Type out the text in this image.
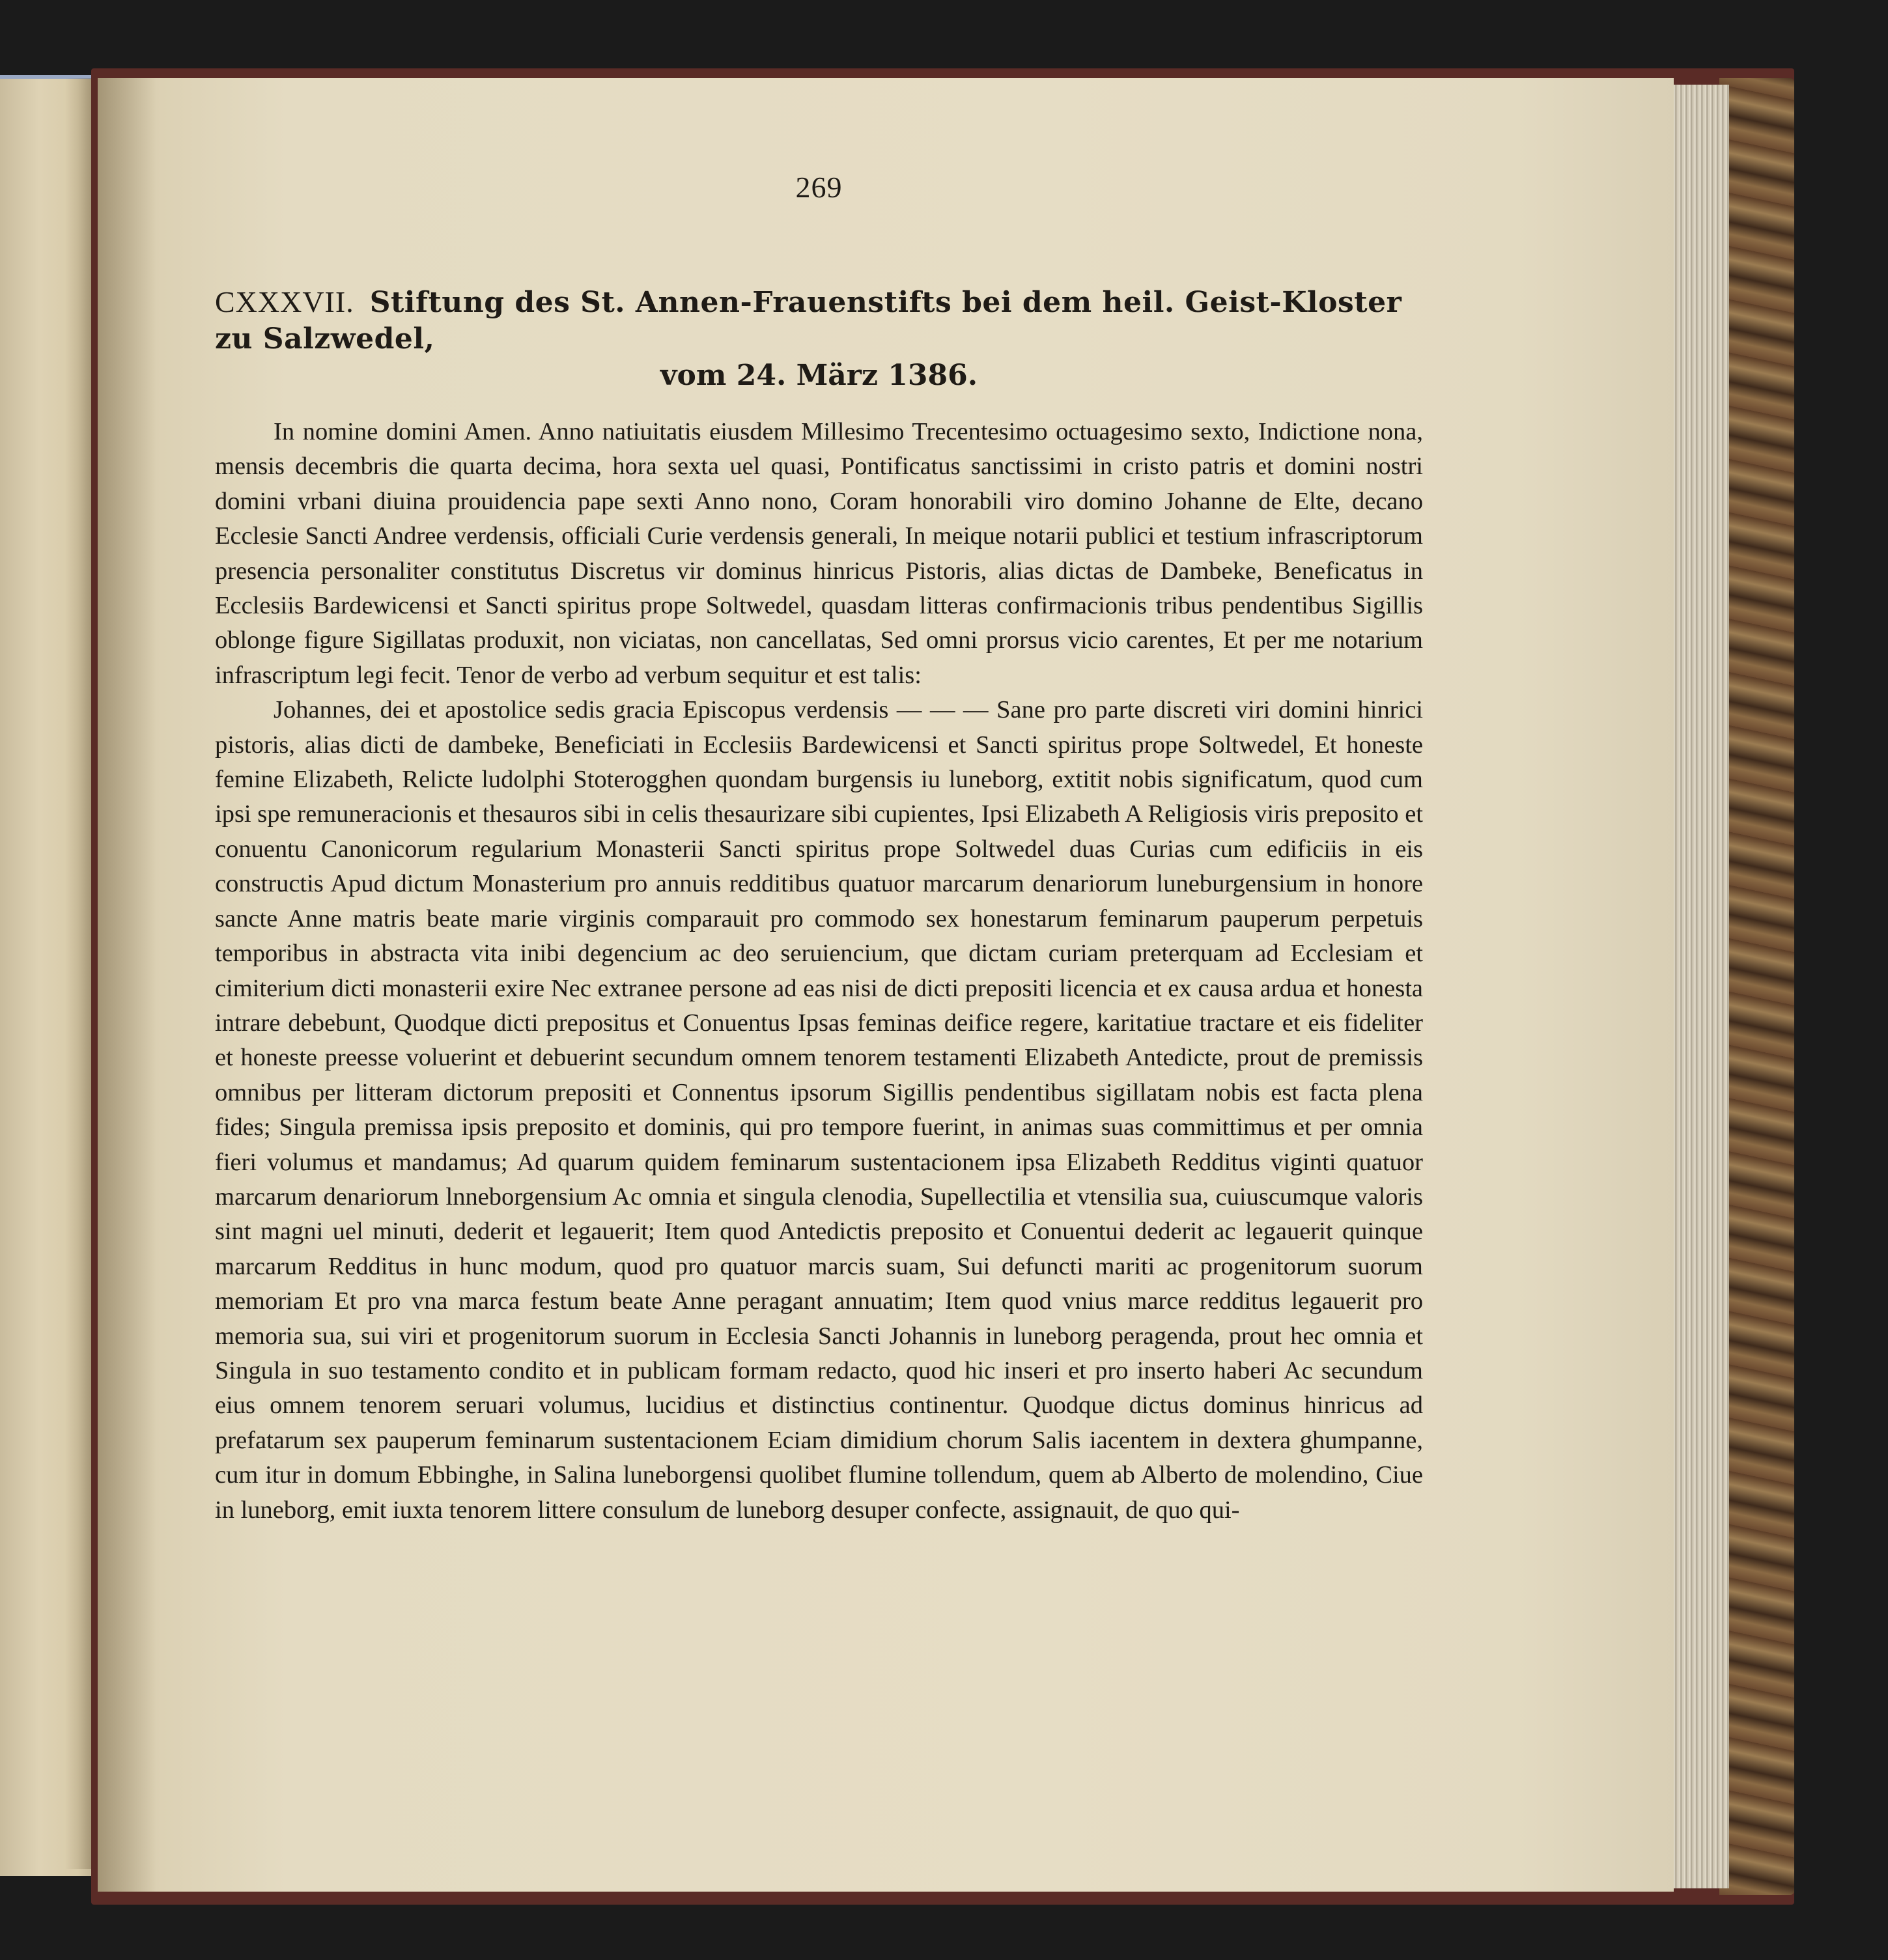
269
CXXXVII. Stiftung des St. Annen-Frauenstifts bei dem heil. Geist-Kloster zu Salzwedel,
vom 24. März 1386.

In nomine domini Amen. Anno natiuitatis eiusdem Millesimo Trecentesimo octuagesimo sexto, Indictione nona, mensis decembris die quarta decima, hora sexta uel quasi, Pontificatus sanctissimi in cristo patris et domini nostri domini vrbani diuina prouidencia pape sexti Anno nono, Coram honorabili viro domino Johanne de Elte, decano Ecclesie Sancti Andree verdensis, officiali Curie verdensis generali, In meique notarii publici et testium infrascriptorum presencia personaliter constitutus Discretus vir dominus hinricus Pistoris, alias dictas de Dambeke, Beneficatus in Ecclesiis Bardewicensi et Sancti spiritus prope Soltwedel, quasdam litteras confirmacionis tribus pendentibus Sigillis oblonge figure Sigillatas produxit, non viciatas, non cancellatas, Sed omni prorsus vicio carentes, Et per me notarium infrascriptum legi fecit. Tenor de verbo ad verbum sequitur et est talis:

Johannes, dei et apostolice sedis gracia Episcopus verdensis — — — Sane pro parte discreti viri domini hinrici pistoris, alias dicti de dambeke, Beneficiati in Ecclesiis Bardewicensi et Sancti spiritus prope Soltwedel, Et honeste femine Elizabeth, Relicte ludolphi Stoterogghen quondam burgensis iu luneborg, extitit nobis significatum, quod cum ipsi spe remuneracionis et thesauros sibi in celis thesaurizare sibi cupientes, Ipsi Elizabeth A Religiosis viris preposito et conuentu Canonicorum regularium Monasterii Sancti spiritus prope Soltwedel duas Curias cum edificiis in eis constructis Apud dictum Monasterium pro annuis redditibus quatuor marcarum denariorum luneburgensium in honore sancte Anne matris beate marie virginis comparauit pro commodo sex honestarum feminarum pauperum perpetuis temporibus in abstracta vita inibi degencium ac deo seruiencium, que dictam curiam preterquam ad Ecclesiam et cimiterium dicti monasterii exire Nec extranee persone ad eas nisi de dicti prepositi licencia et ex causa ardua et honesta intrare debebunt, Quodque dicti prepositus et Conuentus Ipsas feminas deifice regere, karitatiue tractare et eis fideliter et honeste preesse voluerint et debuerint secundum omnem tenorem testamenti Elizabeth Antedicte, prout de premissis omnibus per litteram dictorum prepositi et Connentus ipsorum Sigillis pendentibus sigillatam nobis est facta plena fides; Singula premissa ipsis preposito et dominis, qui pro tempore fuerint, in animas suas committimus et per omnia fieri volumus et mandamus; Ad quarum quidem feminarum sustentacionem ipsa Elizabeth Redditus viginti quatuor marcarum denariorum lnneborgensium Ac omnia et singula clenodia, Supellectilia et vtensilia sua, cuiuscumque valoris sint magni uel minuti, dederit et legauerit; Item quod Antedictis preposito et Conuentui dederit ac legauerit quinque marcarum Redditus in hunc modum, quod pro quatuor marcis suam, Sui defuncti mariti ac progenitorum suorum memoriam Et pro vna marca festum beate Anne peragant annuatim; Item quod vnius marce redditus legauerit pro memoria sua, sui viri et progenitorum suorum in Ecclesia Sancti Johannis in luneborg peragenda, prout hec omnia et Singula in suo testamento condito et in publicam formam redacto, quod hic inseri et pro inserto haberi Ac secundum eius omnem tenorem seruari volumus, lucidius et distinctius continentur. Quodque dictus dominus hinricus ad prefatarum sex pauperum feminarum sustentacionem Eciam dimidium chorum Salis iacentem in dextera ghumpanne, cum itur in domum Ebbinghe, in Salina luneborgensi quolibet flumine tollendum, quem ab Alberto de molendino, Ciue in luneborg, emit iuxta tenorem littere consulum de luneborg desuper confecte, assignauit, de quo qui-
